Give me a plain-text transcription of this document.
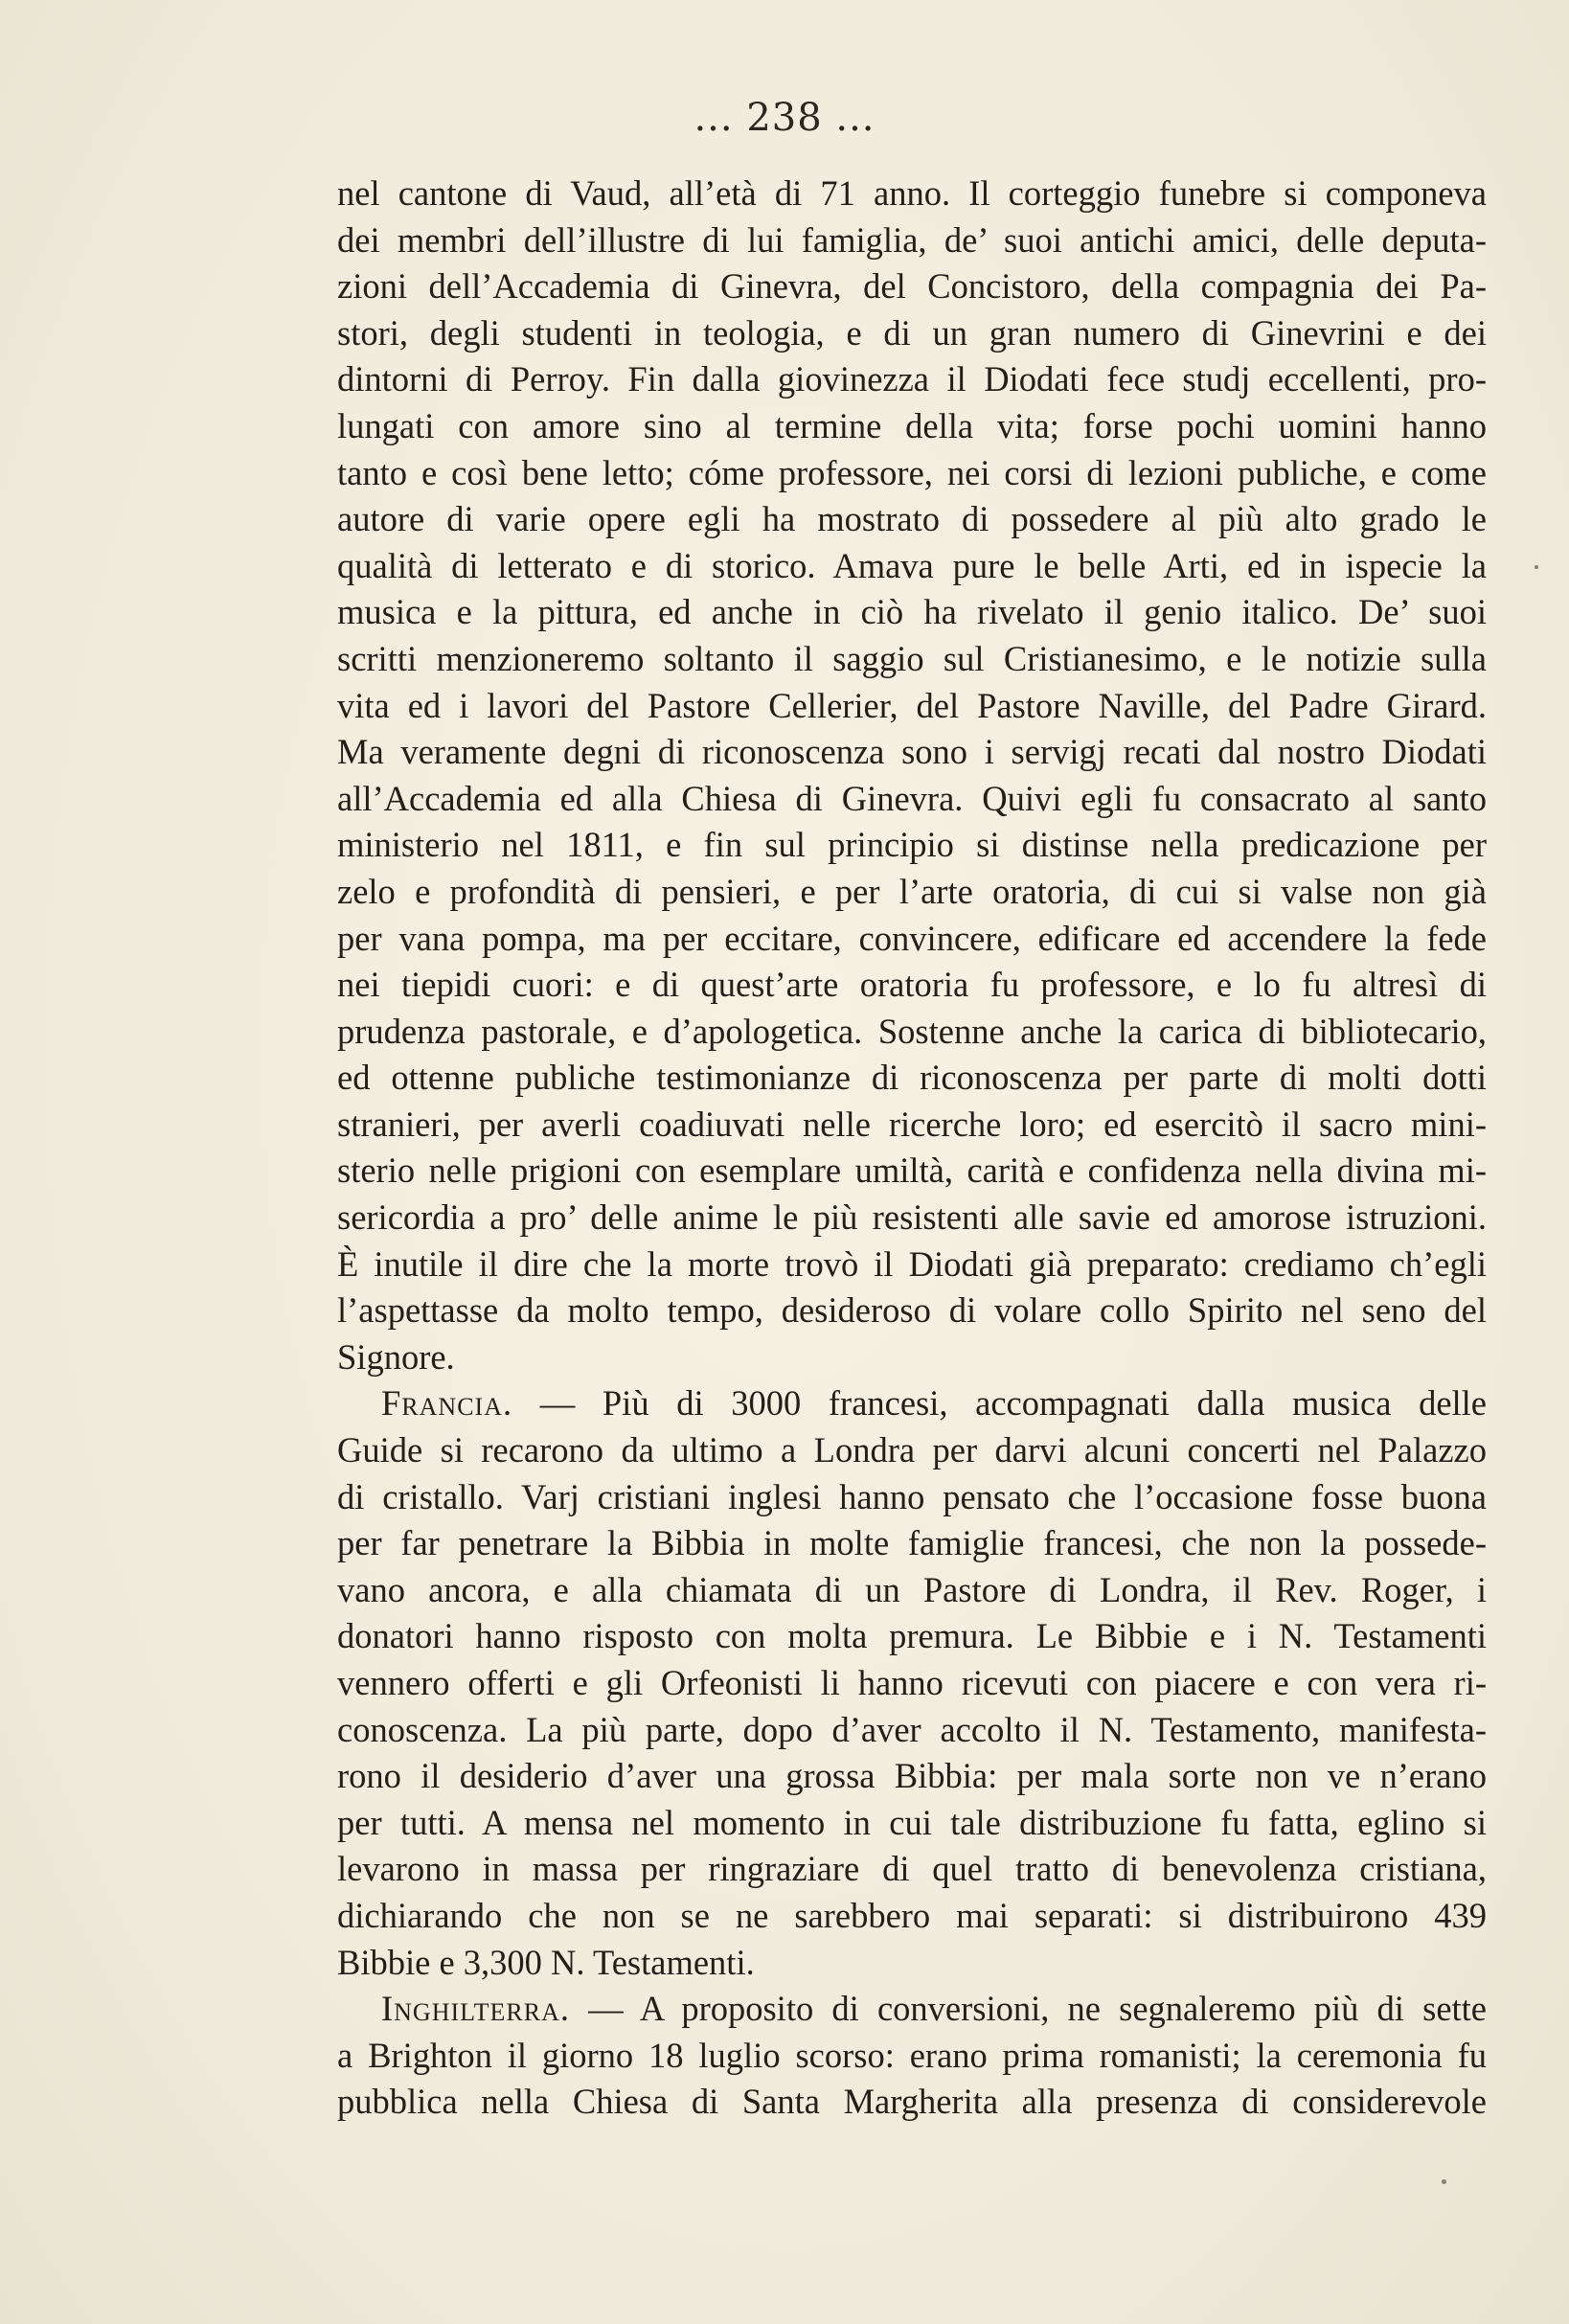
... 238 ...
nel cantone di Vaud, all’età di 71 anno. Il corteggio funebre si componeva
dei membri dell’illustre di lui famiglia, de’ suoi antichi amici, delle deputa-
zioni dell’Accademia di Ginevra, del Concistoro, della compagnia dei Pa-
stori, degli studenti in teologia, e di un gran numero di Ginevrini e dei
dintorni di Perroy. Fin dalla giovinezza il Diodati fece studj eccellenti, pro-
lungati con amore sino al termine della vita; forse pochi uomini hanno
tanto e così bene letto; cóme professore, nei corsi di lezioni publiche, e come
autore di varie opere egli ha mostrato di possedere al più alto grado le
qualità di letterato e di storico. Amava pure le belle Arti, ed in ispecie la
musica e la pittura, ed anche in ciò ha rivelato il genio italico. De’ suoi
scritti menzioneremo soltanto il saggio sul Cristianesimo, e le notizie sulla
vita ed i lavori del Pastore Cellerier, del Pastore Naville, del Padre Girard.
Ma veramente degni di riconoscenza sono i servigj recati dal nostro Diodati
all’Accademia ed alla Chiesa di Ginevra. Quivi egli fu consacrato al santo
ministerio nel 1811, e fin sul principio si distinse nella predicazione per
zelo e profondità di pensieri, e per l’arte oratoria, di cui si valse non già
per vana pompa, ma per eccitare, convincere, edificare ed accendere la fede
nei tiepidi cuori: e di quest’arte oratoria fu professore, e lo fu altresì di
prudenza pastorale, e d’apologetica. Sostenne anche la carica di bibliotecario,
ed ottenne publiche testimonianze di riconoscenza per parte di molti dotti
stranieri, per averli coadiuvati nelle ricerche loro; ed esercitò il sacro mini-
sterio nelle prigioni con esemplare umiltà, carità e confidenza nella divina mi-
sericordia a pro’ delle anime le più resistenti alle savie ed amorose istruzioni.
È inutile il dire che la morte trovò il Diodati già preparato: crediamo ch’egli
l’aspettasse da molto tempo, desideroso di volare collo Spirito nel seno del
Signore.
Francia. — Più di 3000 francesi, accompagnati dalla musica delle
Guide si recarono da ultimo a Londra per darvi alcuni concerti nel Palazzo
di cristallo. Varj cristiani inglesi hanno pensato che l’occasione fosse buona
per far penetrare la Bibbia in molte famiglie francesi, che non la possede-
vano ancora, e alla chiamata di un Pastore di Londra, il Rev. Roger, i
donatori hanno risposto con molta premura. Le Bibbie e i N. Testamenti
vennero offerti e gli Orfeonisti li hanno ricevuti con piacere e con vera ri-
conoscenza. La più parte, dopo d’aver accolto il N. Testamento, manifesta-
rono il desiderio d’aver una grossa Bibbia: per mala sorte non ve n’erano
per tutti. A mensa nel momento in cui tale distribuzione fu fatta, eglino si
levarono in massa per ringraziare di quel tratto di benevolenza cristiana,
dichiarando che non se ne sarebbero mai separati: si distribuirono 439
Bibbie e 3,300 N. Testamenti.
Inghilterra. — A proposito di conversioni, ne segnaleremo più di sette
a Brighton il giorno 18 luglio scorso: erano prima romanisti; la ceremonia fu
pubblica nella Chiesa di Santa Margherita alla presenza di considerevole
